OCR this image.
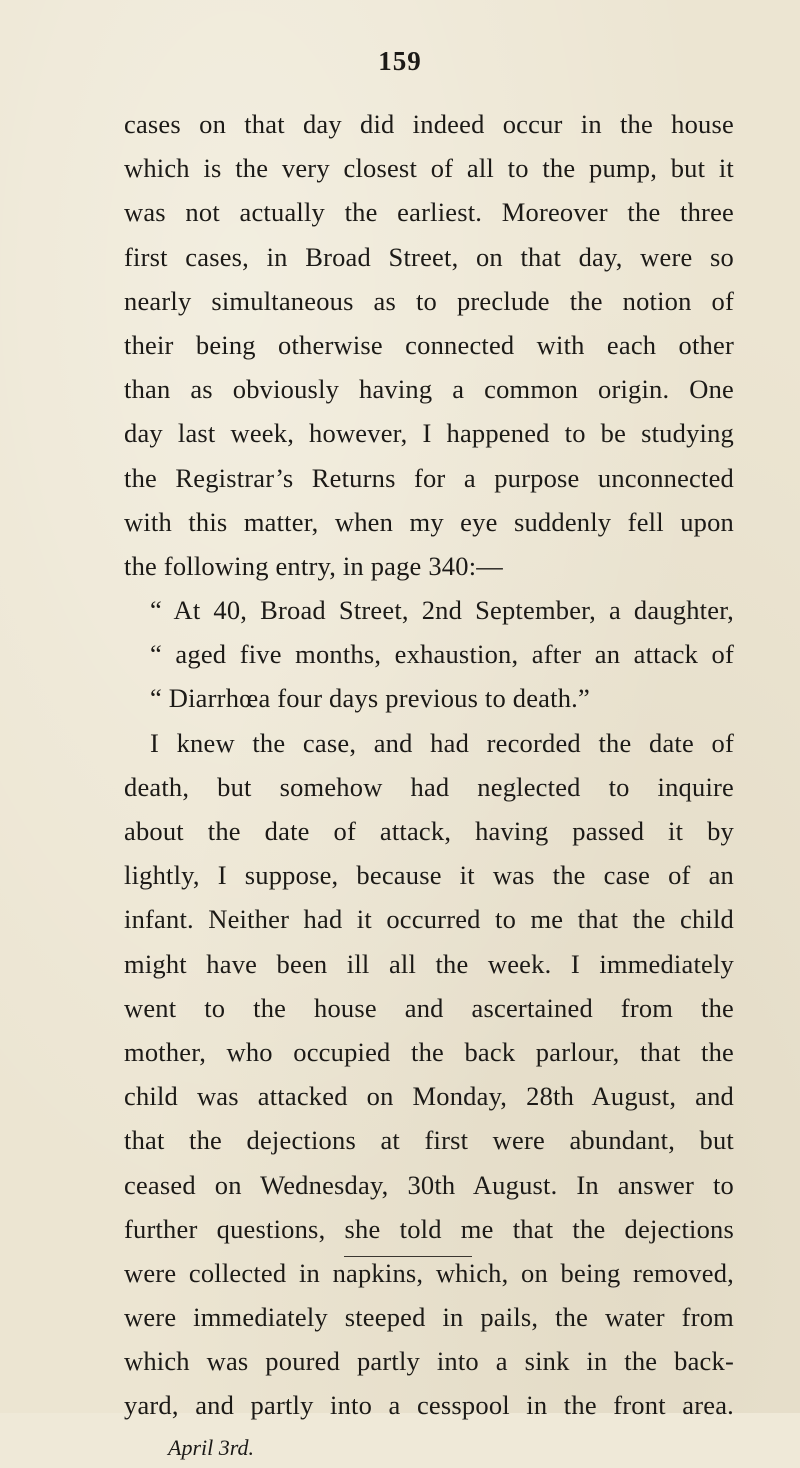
159
cases on that day did indeed occur in the house
which is the very closest of all to the pump, but it
was not actually the earliest. Moreover the three
first cases, in Broad Street, on that day, were so
nearly simultaneous as to preclude the notion of
their being otherwise connected with each other
than as obviously having a common origin. One
day last week, however, I happened to be studying
the Registrar’s Returns for a purpose unconnected
with this matter, when my eye suddenly fell upon
the following entry, in page 340:—
“ At 40, Broad Street, 2nd September, a daughter,
“ aged five months, exhaustion, after an attack of
“ Diarrhœa four days previous to death.”
I knew the case, and had recorded the date of
death, but somehow had neglected to inquire
about the date of attack, having passed it by
lightly, I suppose, because it was the case of an
infant. Neither had it occurred to me that the child
might have been ill all the week. I immediately
went to the house and ascertained from the
mother, who occupied the back parlour, that the
child was attacked on Monday, 28th August, and
that the dejections at first were abundant, but
ceased on Wednesday, 30th August. In answer to
further questions, she told me that the dejections
were collected in napkins, which, on being removed,
were immediately steeped in pails, the water from
which was poured partly into a sink in the back-
yard, and partly into a cesspool in the front area.
April 3rd.
